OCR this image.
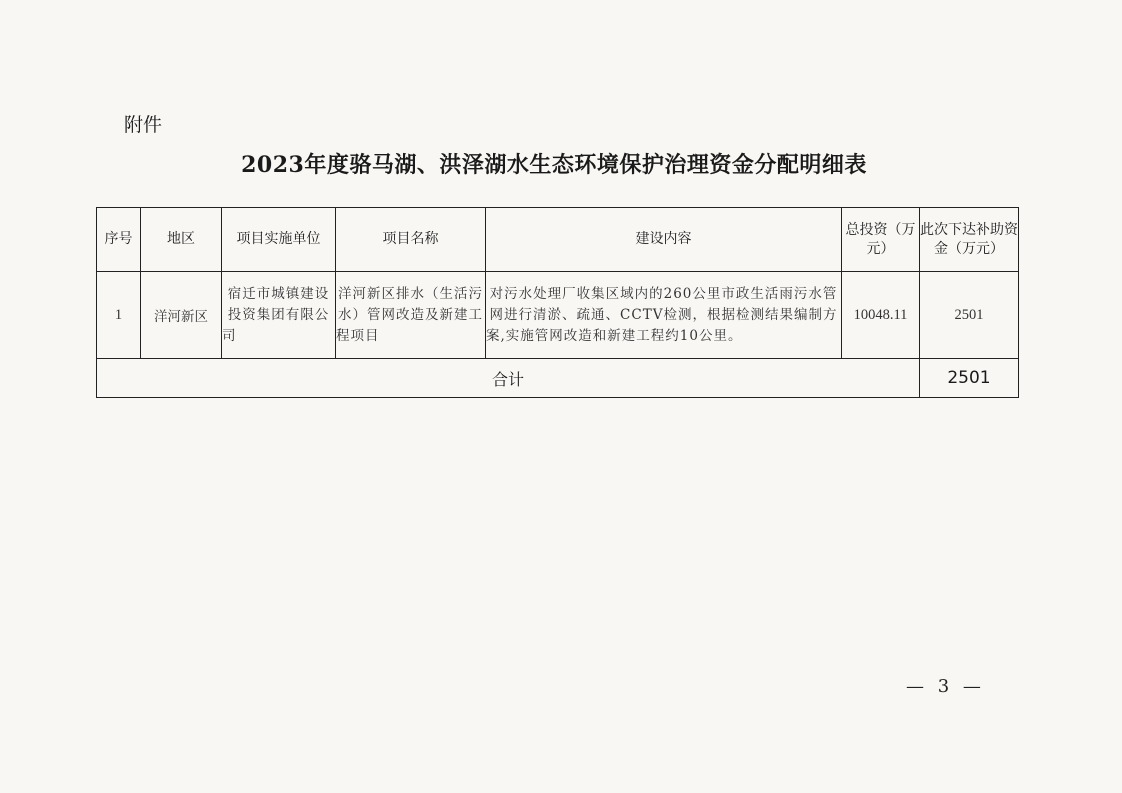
附件
2023年度骆马湖、洪泽湖水生态环境保护治理资金分配明细表
序号	地区	项目实施单位	项目名称	建设内容	总投资（万元）	此次下达补助资金（万元）
1	洋河新区	宿迁市城镇建设投资集团有限公司	洋河新区排水（生活污水）管网改造及新建工程项目	对污水处理厂收集区域内的260公里市政生活雨污水管网进行清淤、疏通、CCTV检测，根据检测结果编制方案,实施管网改造和新建工程约10公里。	10048.11	2501
合计						2501
— 3 —
